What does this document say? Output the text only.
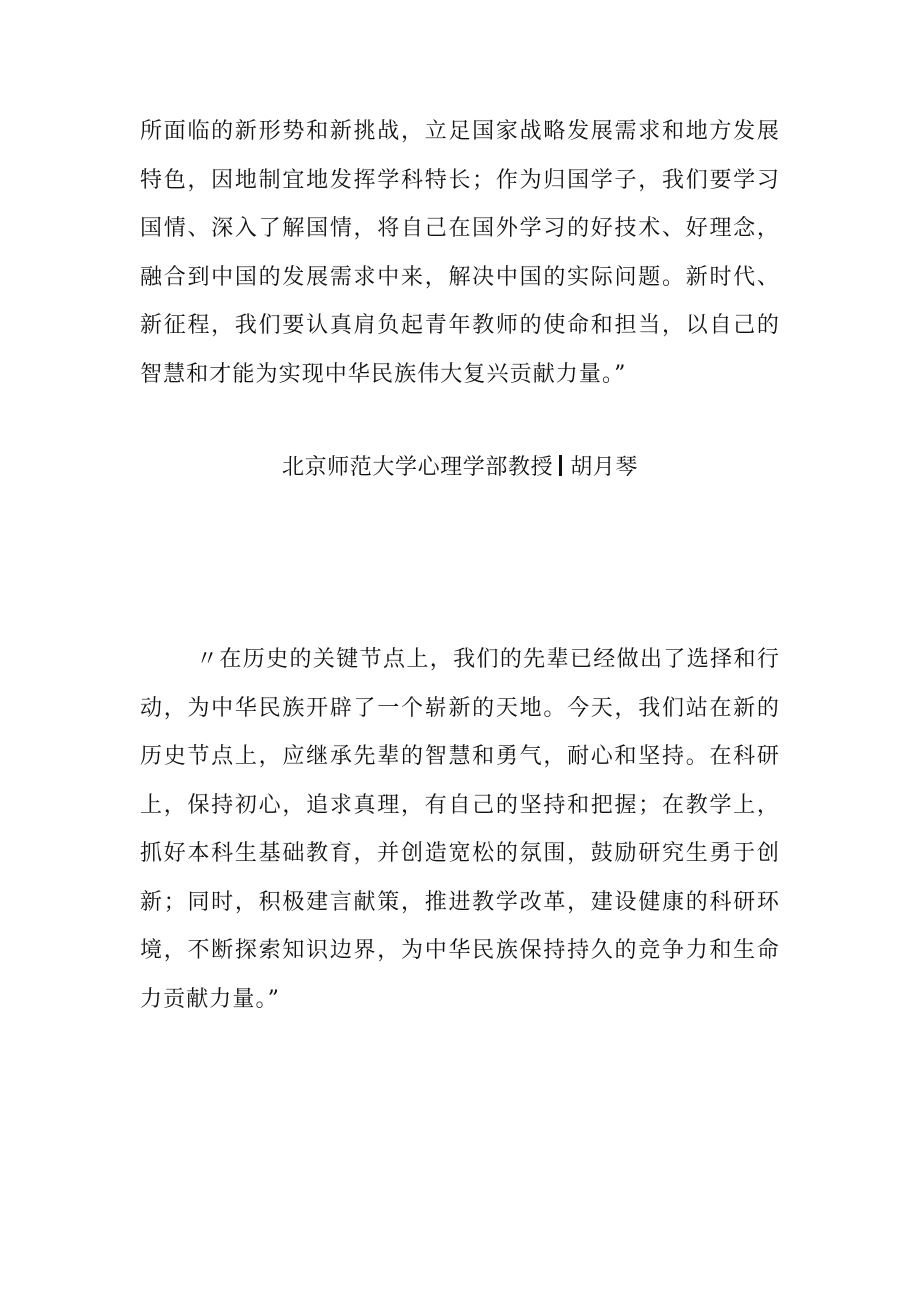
所面临的新形势和新挑战，立足国家战略发展需求和地方发展特色，因地制宜地发挥学科特长；作为归国学子，我们要学习国情、深入了解国情，将自己在国外学习的好技术、好理念，融合到中国的发展需求中来，解决中国的实际问题。新时代、新征程，我们要认真肩负起青年教师的使命和担当，以自己的智慧和才能为实现中华民族伟大复兴贡献力量。”

北京师范大学心理学部教授 胡月琴

〃在历史的关键节点上，我们的先辈已经做出了选择和行动，为中华民族开辟了一个崭新的天地。今天，我们站在新的历史节点上，应继承先辈的智慧和勇气，耐心和坚持。在科研上，保持初心，追求真理，有自己的坚持和把握；在教学上，抓好本科生基础教育，并创造宽松的氛围，鼓励研究生勇于创新；同时，积极建言献策，推进教学改革，建设健康的科研环境，不断探索知识边界，为中华民族保持持久的竞争力和生命力贡献力量。”
